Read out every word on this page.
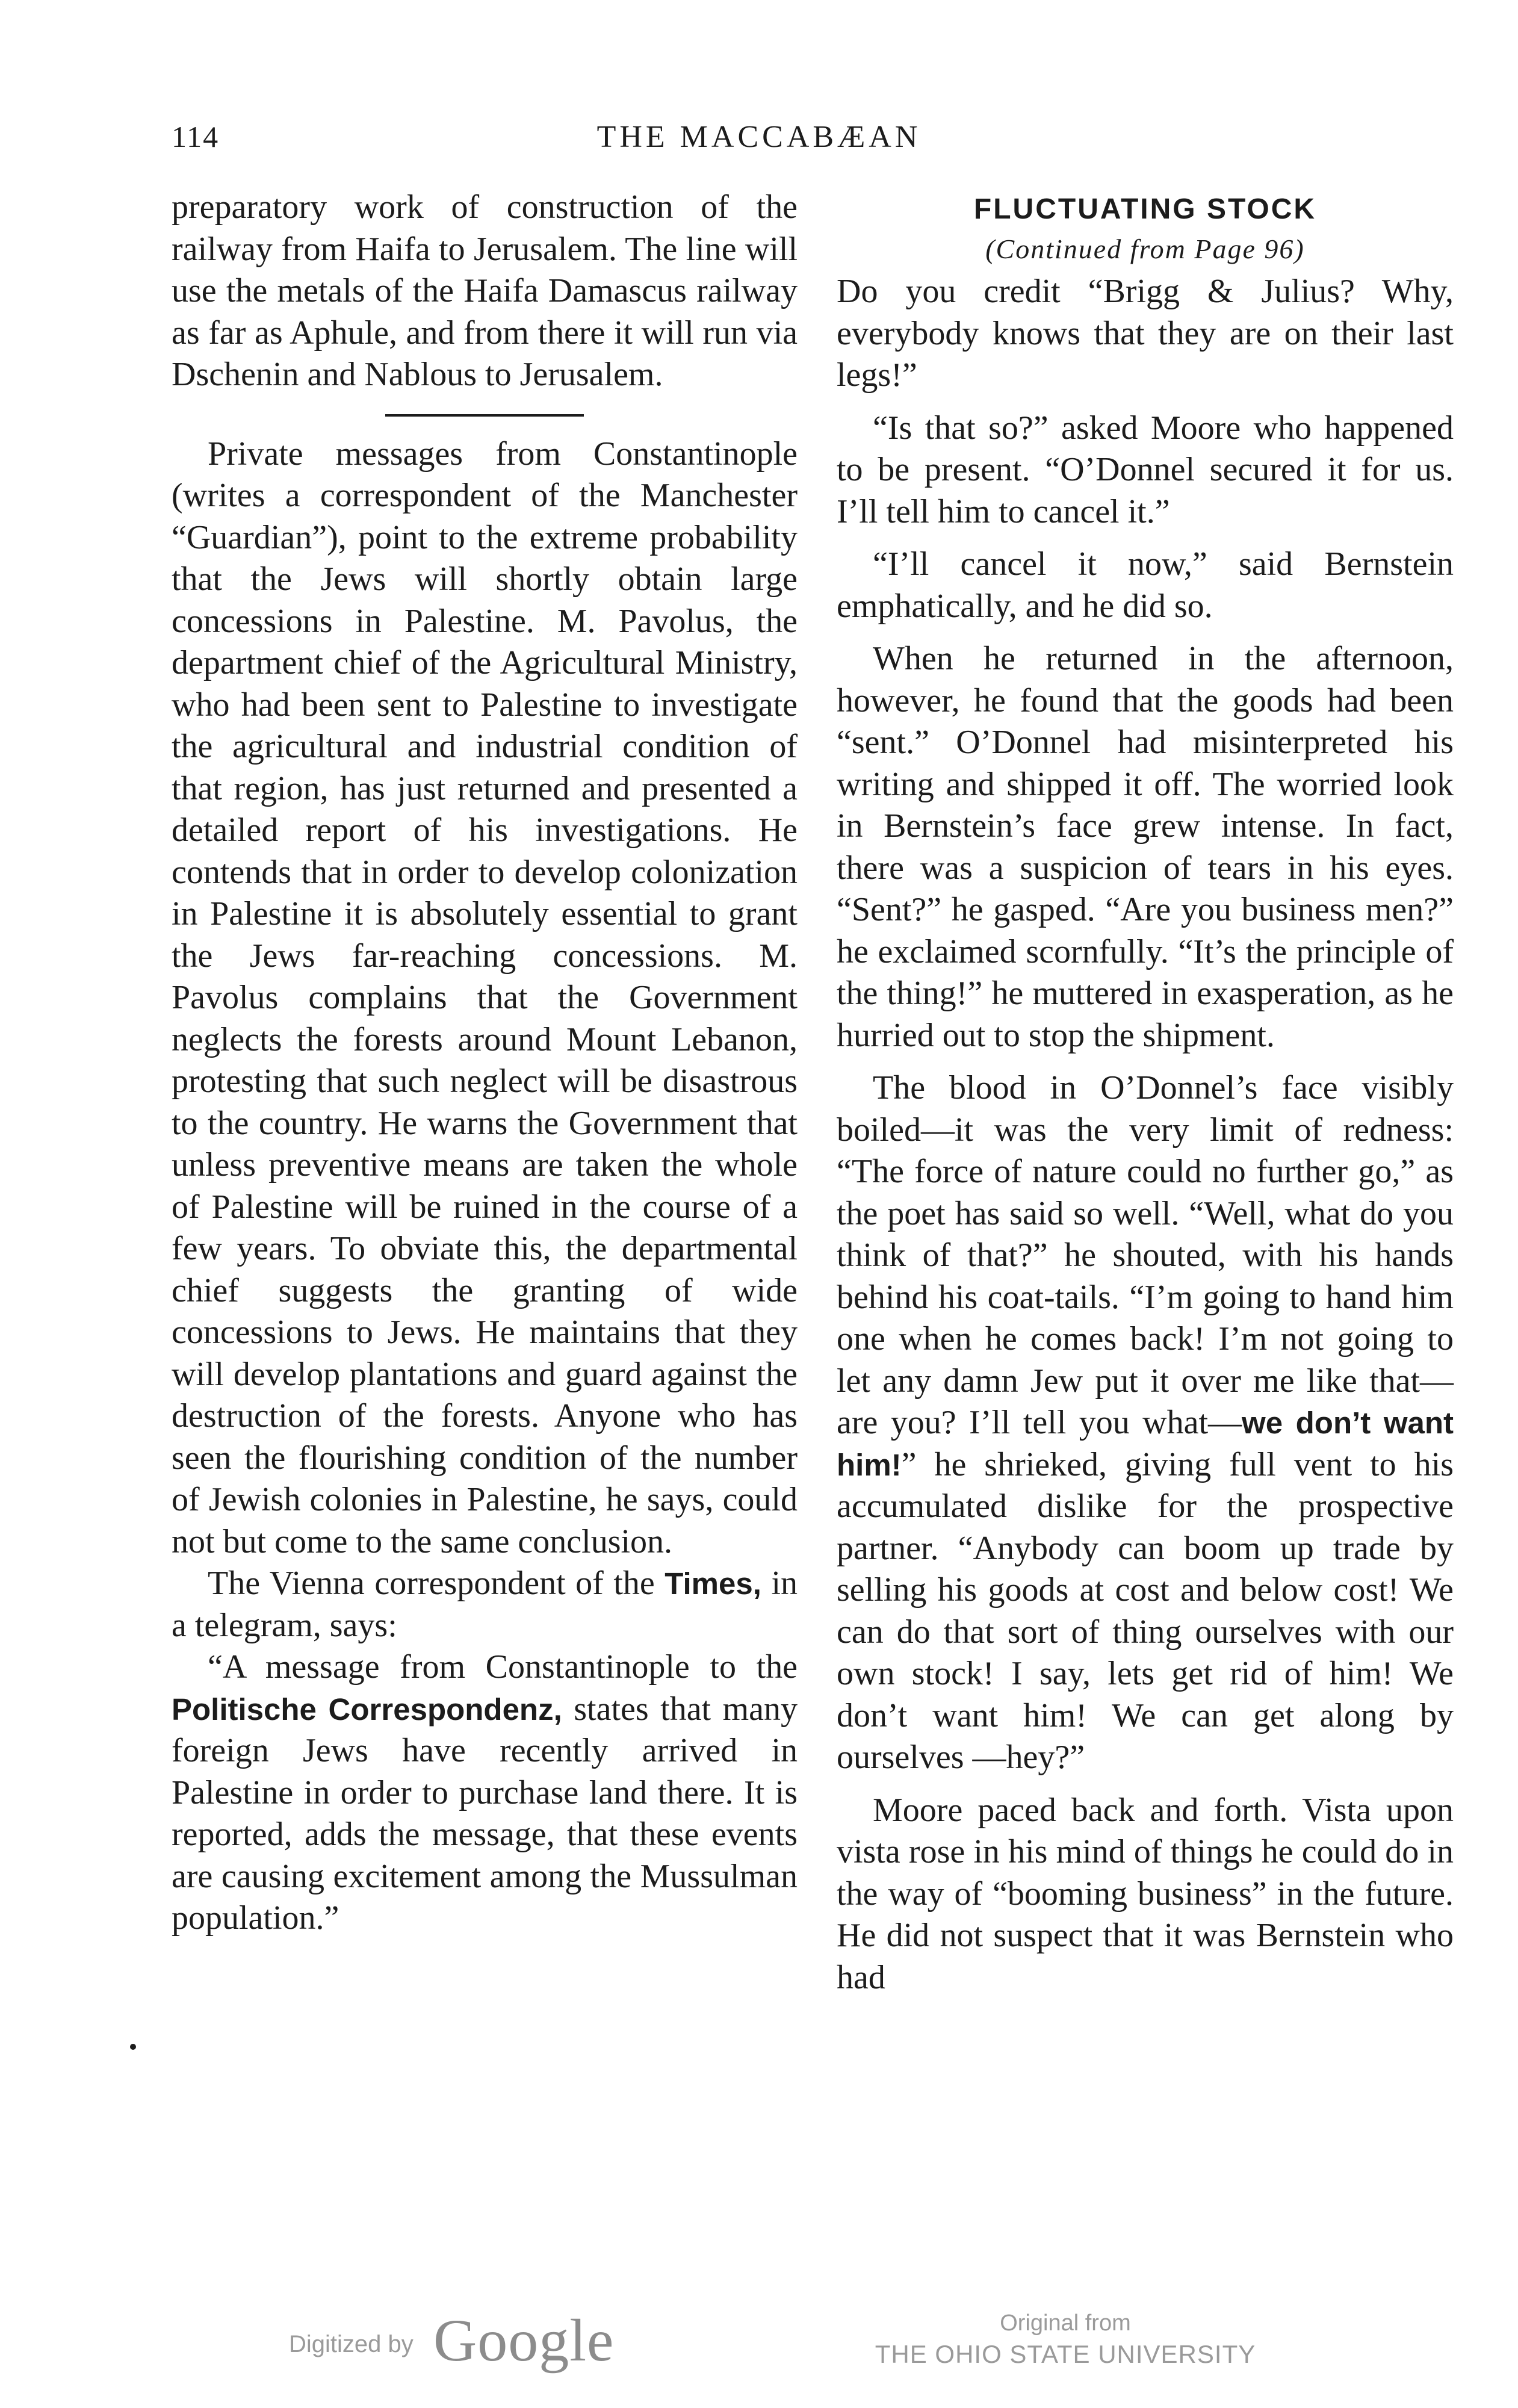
114	THE MACCABÆAN

preparatory work of construction of the railway from Haifa to Jerusalem. The line will use the metals of the Haifa Damascus railway as far as Aphule, and from there it will run via Dschenin and Nablous to Jerusalem.

Private messages from Constantinople (writes a correspondent of the Manchester “Guardian”), point to the extreme probability that the Jews will shortly obtain large concessions in Palestine. M. Pavolus, the department chief of the Agricultural Ministry, who had been sent to Palestine to investigate the agricultural and industrial condition of that region, has just returned and presented a detailed report of his investigations. He contends that in order to develop colonization in Palestine it is absolutely essential to grant the Jews far-reaching concessions. M. Pavolus complains that the Government neglects the forests around Mount Lebanon, protesting that such neglect will be disastrous to the country. He warns the Government that unless preventive means are taken the whole of Palestine will be ruined in the course of a few years. To obviate this, the departmental chief suggests the granting of wide concessions to Jews. He maintains that they will develop plantations and guard against the destruction of the forests. Anyone who has seen the flourishing condition of the number of Jewish colonies in Palestine, he says, could not but come to the same conclusion.

The Vienna correspondent of the Times, in a telegram, says:

“A message from Constantinople to the Politische Correspondenz, states that many foreign Jews have recently arrived in Palestine in order to purchase land there. It is reported, adds the message, that these events are causing excitement among the Mussulman population.”

FLUCTUATING STOCK

(Continued from Page 96)

Do you credit “Brigg & Julius? Why, everybody knows that they are on their last legs!”

“Is that so?” asked Moore who happened to be present. “O’Donnel secured it for us. I’ll tell him to cancel it.”

“I’ll cancel it now,” said Bernstein emphatically, and he did so.

When he returned in the afternoon, however, he found that the goods had been “sent.” O’Donnel had misinterpreted his writing and shipped it off. The worried look in Bernstein’s face grew intense. In fact, there was a suspicion of tears in his eyes. “Sent?” he gasped. “Are you business men?” he exclaimed scornfully. “It’s the principle of the thing!” he muttered in exasperation, as he hurried out to stop the shipment.

The blood in O’Donnel’s face visibly boiled—it was the very limit of redness: “The force of nature could no further go,” as the poet has said so well. “Well, what do you think of that?” he shouted, with his hands behind his coat-tails. “I’m going to hand him one when he comes back! I’m not going to let any damn Jew put it over me like that—are you? I’ll tell you what—we don’t want him!” he shrieked, giving full vent to his accumulated dislike for the prospective partner. “Anybody can boom up trade by selling his goods at cost and below cost! We can do that sort of thing ourselves with our own stock! I say, lets get rid of him! We don’t want him! We can get along by ourselves —hey?”

Moore paced back and forth. Vista upon vista rose in his mind of things he could do in the way of “booming business” in the future. He did not suspect that it was Bernstein who had

Digitized by Google	Original from
THE OHIO STATE UNIVERSITY
